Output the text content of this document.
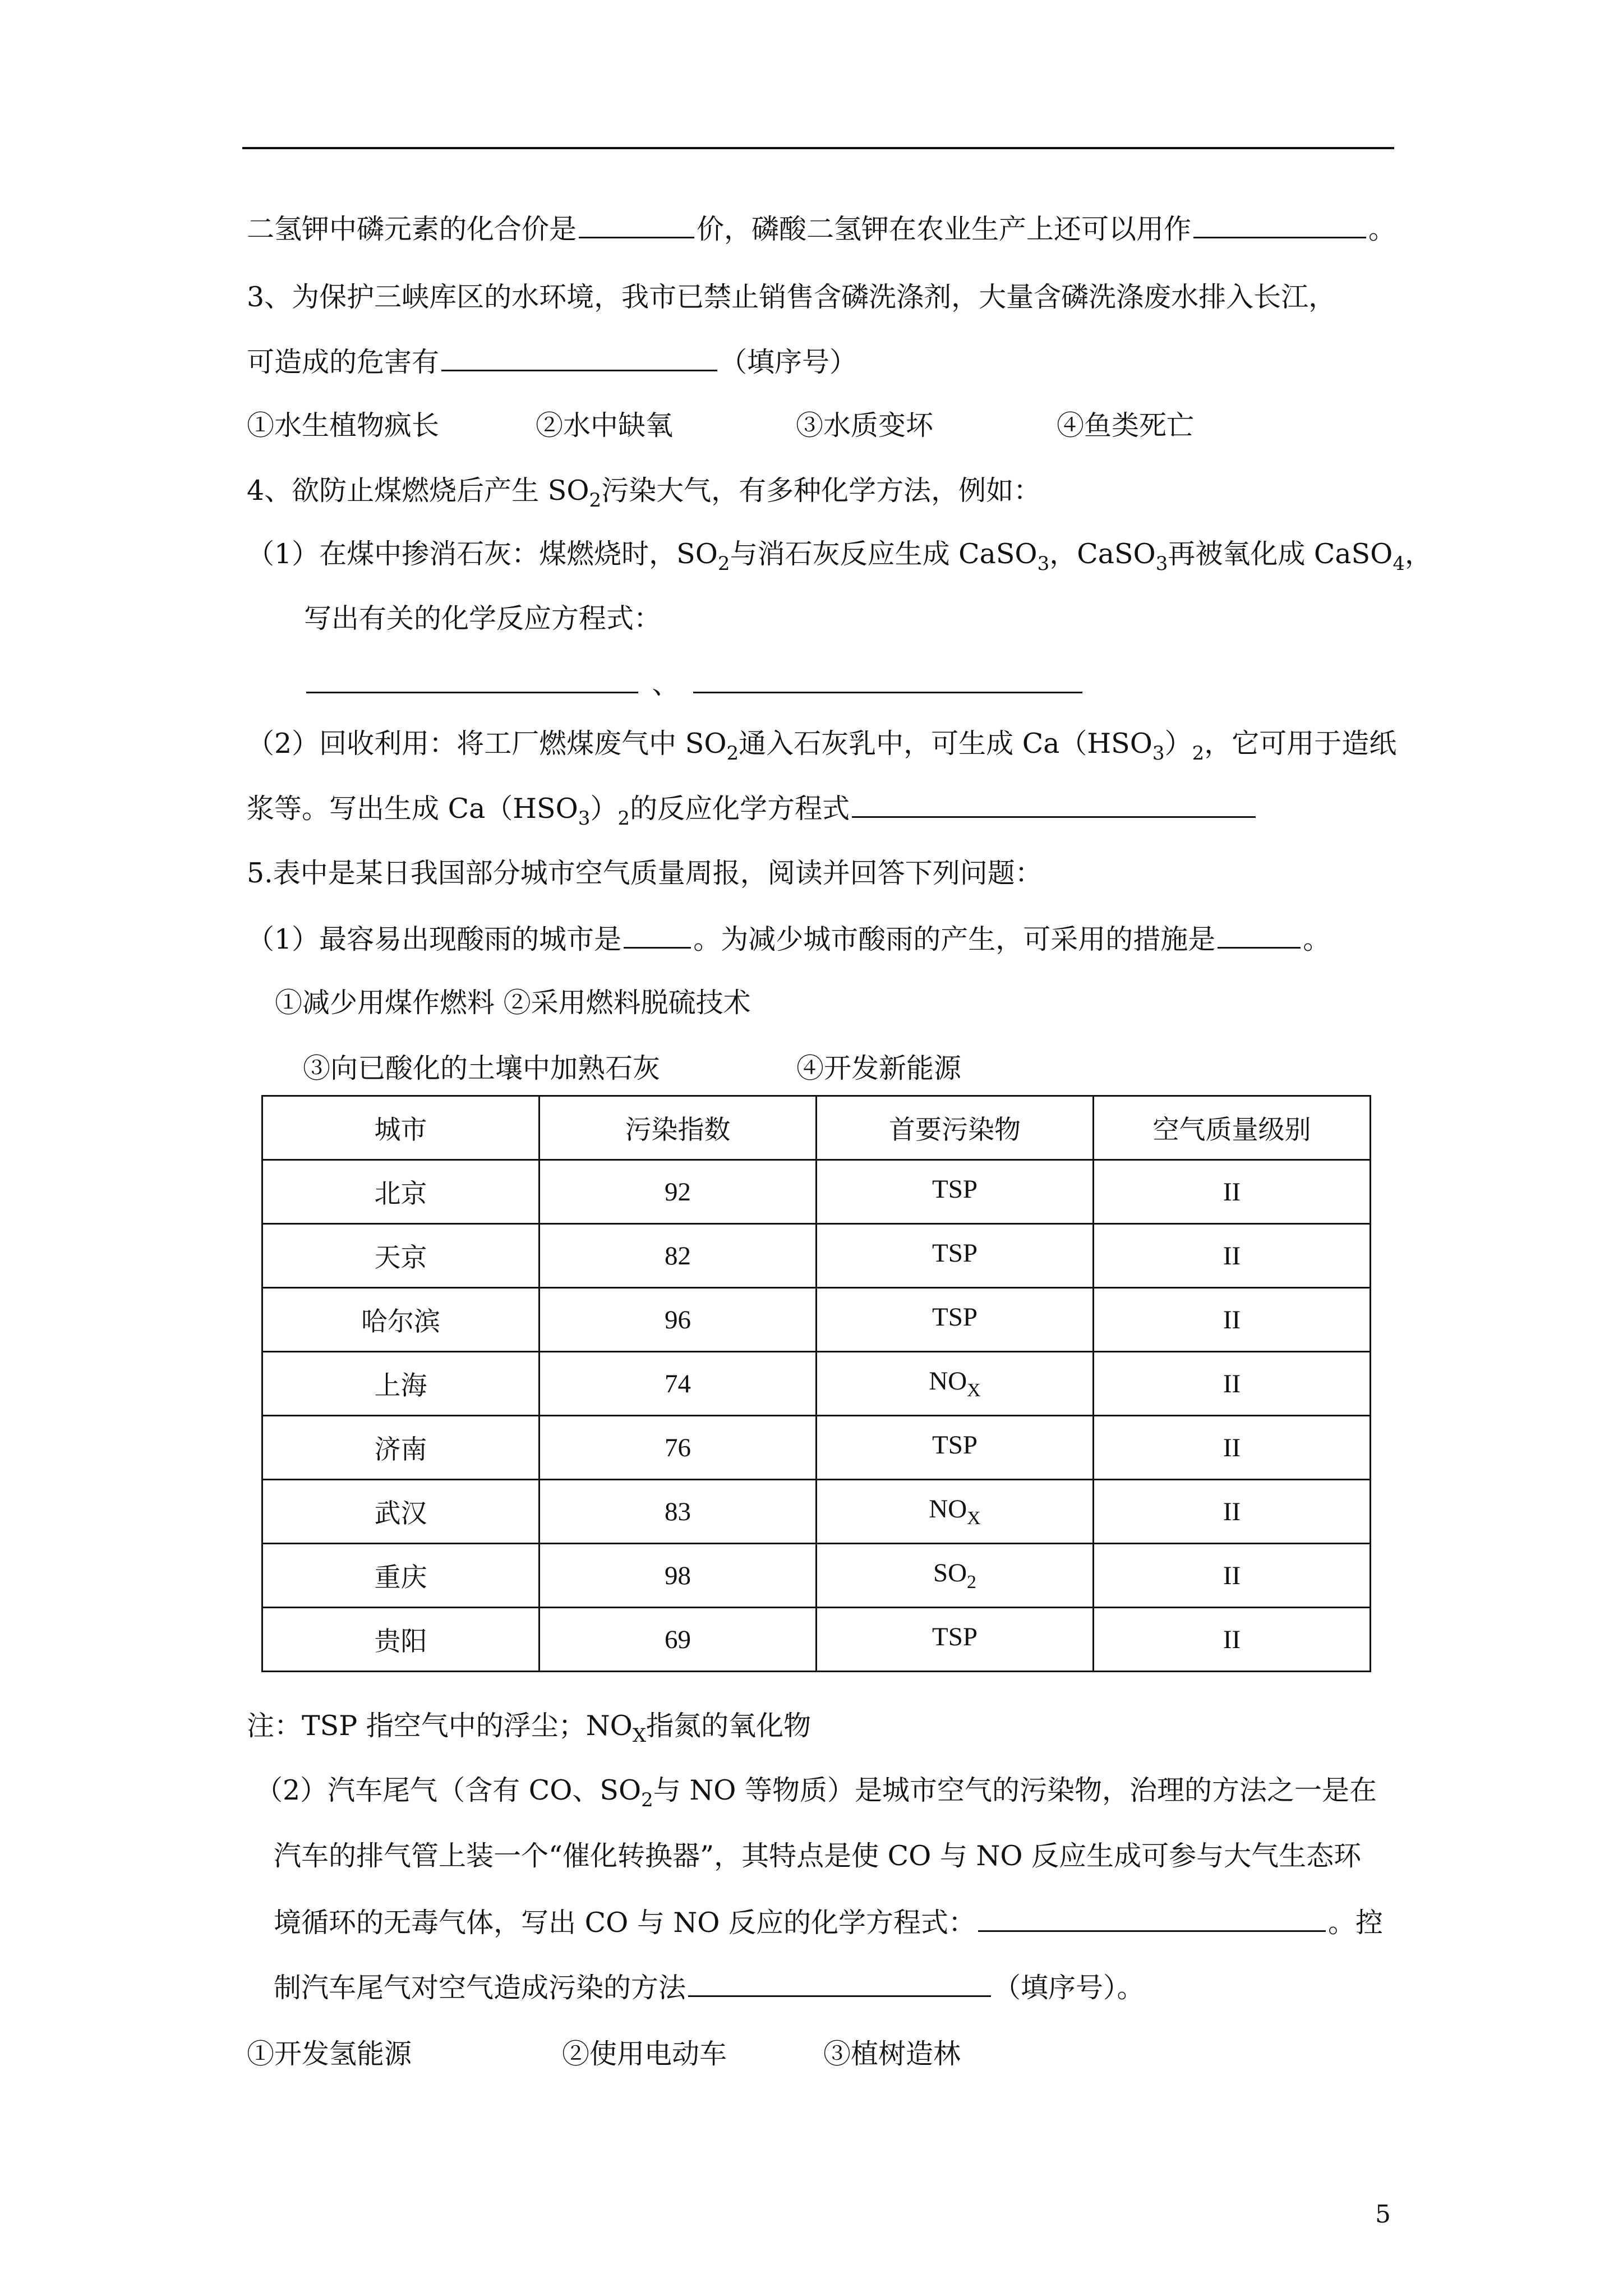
二氢钾中磷元素的化合价是	价，磷酸二氢钾在农业生产上还可以用作	。
3、为保护三峡库区的水环境，我市已禁止销售含磷洗涤剂，大量含磷洗涤废水排入长江，
可造成的危害有	（填序号）
①水生植物疯长	②水中缺氧	③水质变坏	④鱼类死亡
4、欲防止煤燃烧后产生 $SO_2$污染大气，有多种化学方法，例如：
（1）在煤中掺消石灰：煤燃烧时，$SO_2$与消石灰反应生成 CaSO$_3$，CaSO$_3$再被氧化成 CaSO$_4$，
写出有关的化学反应方程式：
、
（2）回收利用：将工厂燃煤废气中 $SO_2$通入石灰乳中，可生成 $Ca(HSO_3)_2$，它可用于造纸
浆等。写出生成 $Ca(HSO_3)_2$的反应化学方程式
5.表中是某日我国部分城市空气质量周报，阅读并回答下列问题：
（1）最容易出现酸雨的城市是	。为减少城市酸雨的产生，可采用的措施是	。
①减少用煤作燃料 ②采用燃料脱硫技术
③向已酸化的土壤中加熟石灰	④开发新能源
城市	污染指数	首要污染物	空气质量级别
北京	92	TSP	II
天京	82	TSP	II
哈尔滨	96	TSP	II
上海	74	$NO_X$	II
济南	76	TSP	II
武汉	83	$NO_X$	II
重庆	98	$SO_2$	II
贵阳	69	TSP	II
注：TSP 指空气中的浮尘；$NO_X$指氮的氧化物
（2）汽车尾气（含有 CO、$SO_2$与 NO 等物质）是城市空气的污染物，治理的方法之一是在
汽车的排气管上装一个“催化转换器”，其特点是使 CO 与 NO 反应生成可参与大气生态环
境循环的无毒气体，写出 CO 与 NO 反应的化学方程式：	。控
制汽车尾气对空气造成污染的方法	（填序号）。
①开发氢能源	②使用电动车	③植树造林
5
